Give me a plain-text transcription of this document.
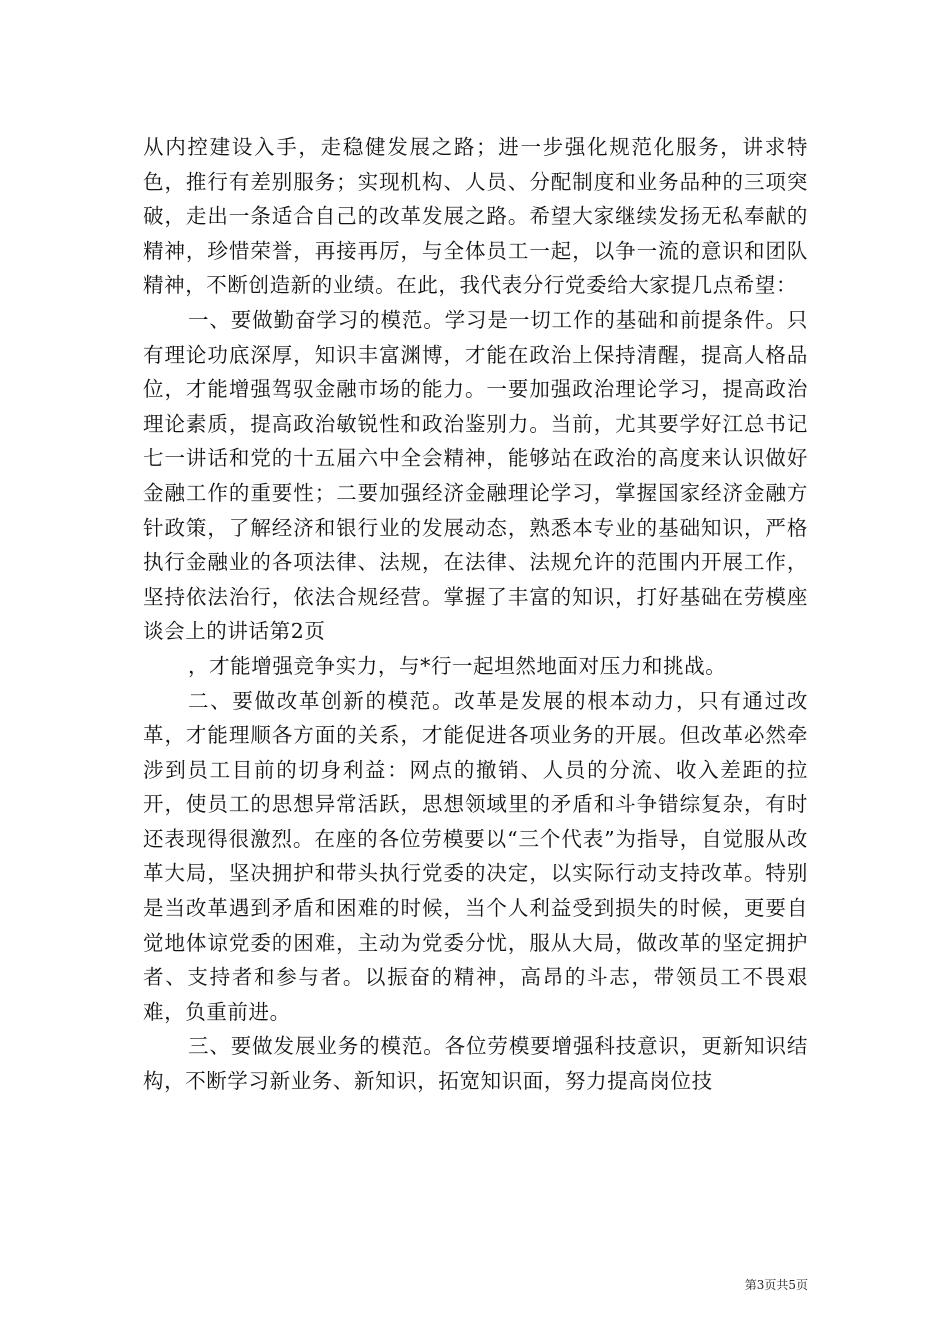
从内控建设入手，走稳健发展之路；进一步强化规范化服务，讲求特色，推行有差别服务；实现机构、人员、分配制度和业务品种的三项突破，走出一条适合自己的改革发展之路。希望大家继续发扬无私奉献的精神，珍惜荣誉，再接再厉，与全体员工一起，以争一流的意识和团队精神，不断创造新的业绩。在此，我代表分行党委给大家提几点希望：

一、要做勤奋学习的模范。学习是一切工作的基础和前提条件。只有理论功底深厚，知识丰富渊博，才能在政治上保持清醒，提高人格品位，才能增强驾驭金融市场的能力。一要加强政治理论学习，提高政治理论素质，提高政治敏锐性和政治鉴别力。当前，尤其要学好江总书记七一讲话和党的十五届六中全会精神，能够站在政治的高度来认识做好金融工作的重要性；二要加强经济金融理论学习，掌握国家经济金融方针政策，了解经济和银行业的发展动态，熟悉本专业的基础知识，严格执行金融业的各项法律、法规，在法律、法规允许的范围内开展工作，坚持依法治行，依法合规经营。掌握了丰富的知识，打好基础在劳模座谈会上的讲话第2页

，才能增强竞争实力，与*行一起坦然地面对压力和挑战。

二、要做改革创新的模范。改革是发展的根本动力，只有通过改革，才能理顺各方面的关系，才能促进各项业务的开展。但改革必然牵涉到员工目前的切身利益：网点的撤销、人员的分流、收入差距的拉开，使员工的思想异常活跃，思想领域里的矛盾和斗争错综复杂，有时还表现得很激烈。在座的各位劳模要以“三个代表”为指导，自觉服从改革大局，坚决拥护和带头执行党委的决定，以实际行动支持改革。特别是当改革遇到矛盾和困难的时候，当个人利益受到损失的时候，更要自觉地体谅党委的困难，主动为党委分忧，服从大局，做改革的坚定拥护者、支持者和参与者。以振奋的精神，高昂的斗志，带领员工不畏艰难，负重前进。

三、要做发展业务的模范。各位劳模要增强科技意识，更新知识结构，不断学习新业务、新知识，拓宽知识面，努力提高岗位技

第3页共5页
